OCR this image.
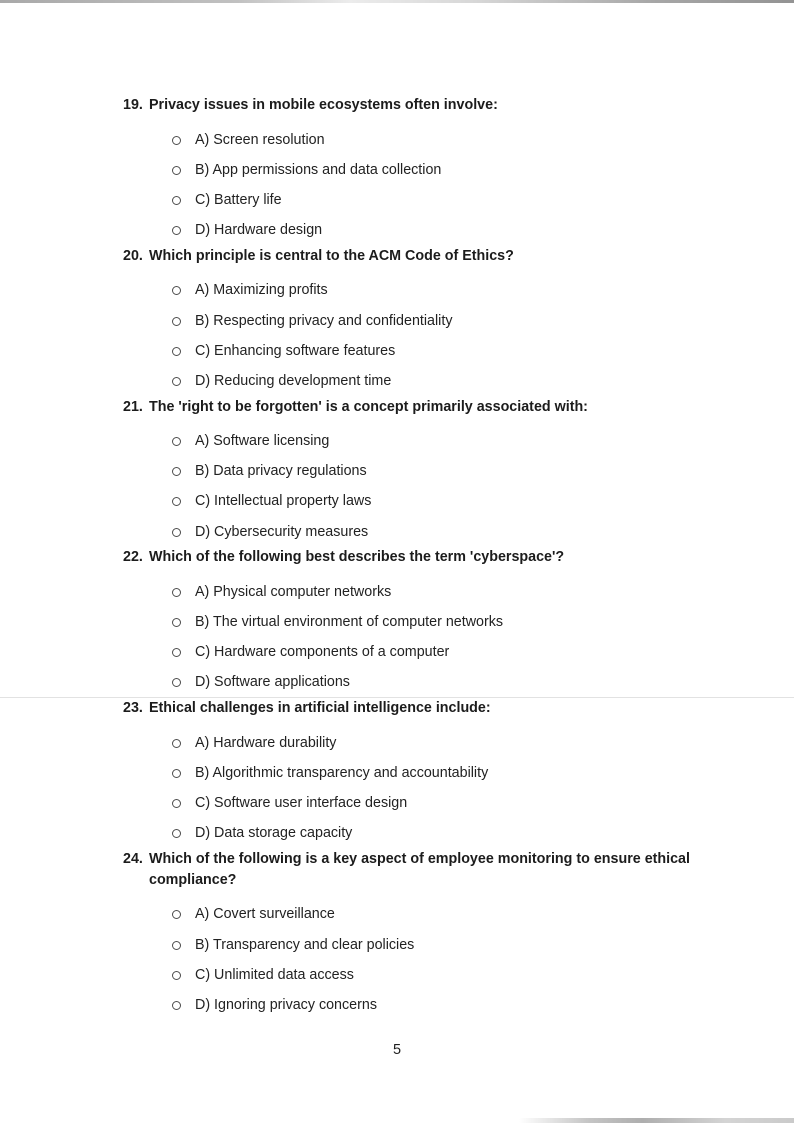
19. Privacy issues in mobile ecosystems often involve:
A) Screen resolution
B) App permissions and data collection
C) Battery life
D) Hardware design
20. Which principle is central to the ACM Code of Ethics?
A) Maximizing profits
B) Respecting privacy and confidentiality
C) Enhancing software features
D) Reducing development time
21. The 'right to be forgotten' is a concept primarily associated with:
A) Software licensing
B) Data privacy regulations
C) Intellectual property laws
D) Cybersecurity measures
22. Which of the following best describes the term 'cyberspace'?
A) Physical computer networks
B) The virtual environment of computer networks
C) Hardware components of a computer
D) Software applications
23. Ethical challenges in artificial intelligence include:
A) Hardware durability
B) Algorithmic transparency and accountability
C) Software user interface design
D) Data storage capacity
24. Which of the following is a key aspect of employee monitoring to ensure ethical compliance?
A) Covert surveillance
B) Transparency and clear policies
C) Unlimited data access
D) Ignoring privacy concerns
5
